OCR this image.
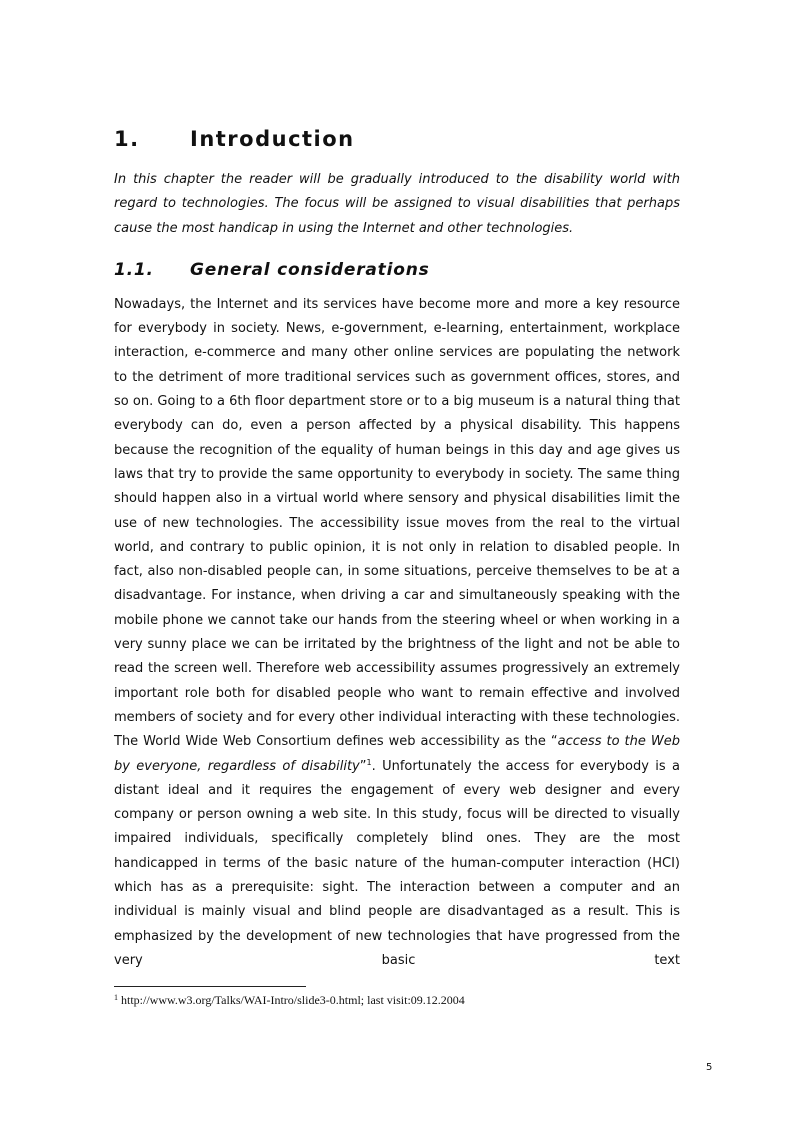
1.	Introduction

In this chapter the reader will be gradually introduced to the disability world with regard to technologies. The focus will be assigned to visual disabilities that perhaps cause the most handicap in using the Internet and other technologies.

1.1.	General considerations

Nowadays, the Internet and its services have become more and more a key resource for everybody in society. News, e-government, e-learning, entertainment, workplace interaction, e-commerce and many other online services are populating the network to the detriment of more traditional services such as government offices, stores, and so on. Going to a 6th floor department store or to a big museum is a natural thing that everybody can do, even a person affected by a physical disability. This happens because the recognition of the equality of human beings in this day and age gives us laws that try to provide the same opportunity to everybody in society. The same thing should happen also in a virtual world where sensory and physical disabilities limit the use of new technologies. The accessibility issue moves from the real to the virtual world, and contrary to public opinion, it is not only in relation to disabled people. In fact, also non-disabled people can, in some situations, perceive themselves to be at a disadvantage. For instance, when driving a car and simultaneously speaking with the mobile phone we cannot take our hands from the steering wheel or when working in a very sunny place we can be irritated by the brightness of the light and not be able to read the screen well. Therefore web accessibility assumes progressively an extremely important role both for disabled people who want to remain effective and involved members of society and for every other individual interacting with these technologies. The World Wide Web Consortium defines web accessibility as the “access to the Web by everyone, regardless of disability”$^1$. Unfortunately the access for everybody is a distant ideal and it requires the engagement of every web designer and every company or person owning a web site. In this study, focus will be directed to visually impaired individuals, specifically completely blind ones. They are the most handicapped in terms of the basic nature of the human-computer interaction (HCI) which has as a prerequisite: sight. The interaction between a computer and an individual is mainly visual and blind people are disadvantaged as a result. This is emphasized by the development of new technologies that have progressed from the very basic text

$^1$ http://www.w3.org/Talks/WAI-Intro/slide3-0.html; last visit:09.12.2004
5
